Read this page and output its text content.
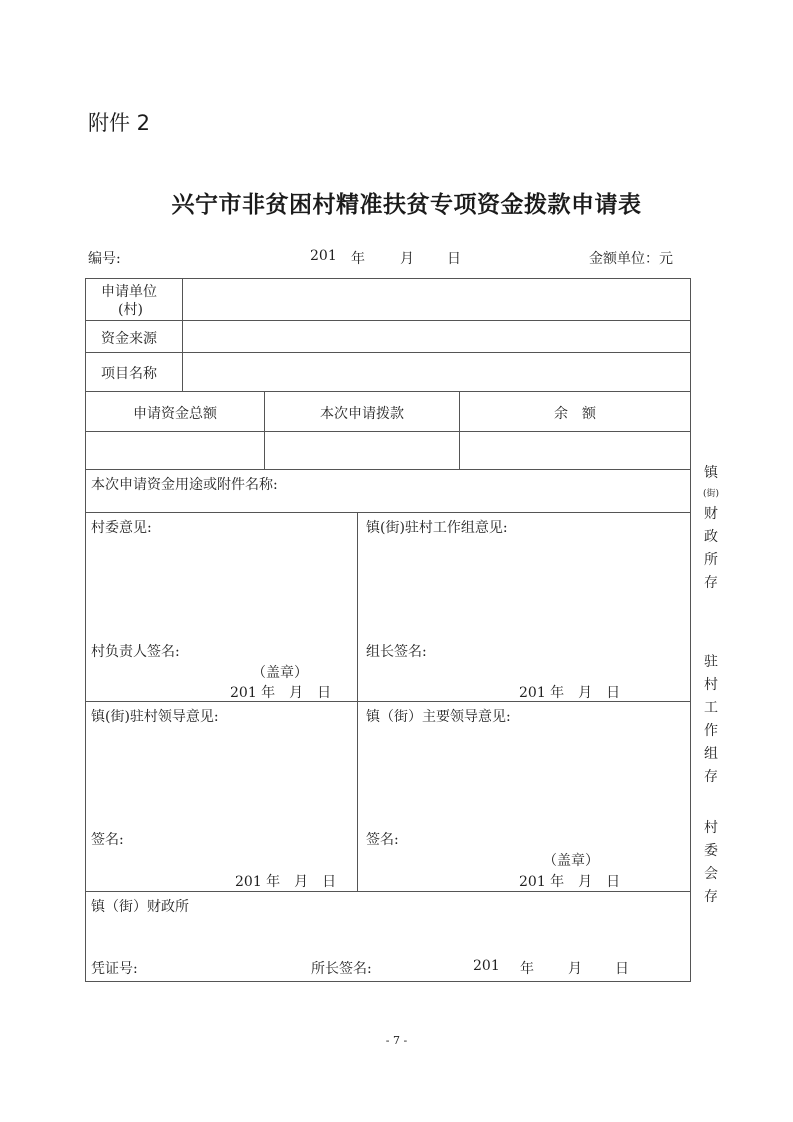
附件 2
兴宁市非贫困村精准扶贫专项资金拨款申请表
编号:	201 年	月 日	金额单位：元
申请单位
(村)
资金来源
项目名称
申请资金总额	本次申请拨款	余　额
本次申请资金用途或附件名称:
村委意见:
村负责人签名:
（盖章）
201 年　月　日
镇(街)驻村工作组意见:
组长签名:
201 年　月　日
镇(街)驻村领导意见:
签名:
201 年　月　日
镇（街）主要领导意见:
签名:
（盖章）
201 年　月　日
镇（街）财政所
凭证号:	所长签名:	201 年 月 日
镇
(街)
财
政
所
存
驻
村
工
作
组
存
村
委
会
存
- 7 -
